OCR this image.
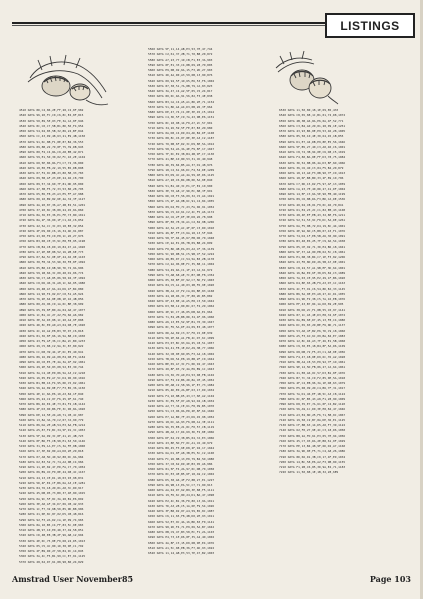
LISTINGS
4510 DATA 8D,C4,86,2E,FF,28,C2,8F,982
4520 DATA 96,20,FC,C0,C6,8C,E4,8F,815
4530 DATA 50,89,5E,03,FE,3A,CA,8F,946
4540 DATA 8C,C0,C7,5B,B1,8D,50,F4,954
4550 DATA 54,04,85,5B,32,86,24,BF,844
4560 DATA CC,43,D9,48,63,21,E9,4B,1150
4570 DATA 91,6C,8B,F1,8E,87,B4,36,553
4580 DATA 89,8B,22,79,8F,75,39,DB,945
4590 DATA 80,F4,C4,8A,C0,A8,EB,42,871
4600 DATA 59,E1,50,30,02,FC,10,2E,1104
4610 DATA 60,5E,86,8A,F3,C7,72,36,800
4620 DATA 10,E0,FB,22,19,55,E6,DB,898
4630 DATA 07,F2,0C,BB,23,80,5B,33,783
4640 DATA 09,5B,AF,23,DE,24,46,C8,790
4650 DATA 89,57,34,60,7F,81,DD,95,800
4660 DATA 47,3B,F5,72,33,53,80,28,795
4670 DATA 65,E6,F8,23,A3,E5,FF,A7,988
4680 DATA 00,10,B9,82,6E,4A,32,3F,1127
4690 DATA 4A,20,87,36,A7,4B,E2,51,1201
4700 DATA 37,20,8C,38,80,24,45,0A,860
4710 DATA 8A,36,E3,36,E1,FE,73,8D,1011
4720 DATA 8A,2F,36,00,1F,C1,A5,C6,852
4730 DATA 42,5A,CC,3C,03,18,E8,32,854
4740 DATA 4F,D9,00,C6,16,34,4D,91,887
4750 DATA 43,00,F0,C0,E8,1C,26,27,976
4760 DATA B3,08,CE,33,9C,E8,F8,95,1198
4770 DATA CB,B4,C8,D0,19,84,47,A1,1020
4780 DATA 47,2E,8E,88,52,16,2B,6E,773
4790 DATA 07,8A,5C,0E,6F,44,A5,9E,1103
4800 DATA 30,F8,34,53,9D,30,F8,8F,1092
4810 DATA 05,B0,10,6B,9D,7D,72,9A,996
4820 DATA 59,1B,66,3C,00,48,D1,06,774
4830 DATA 5D,C7,A8,85,86,58,94,3F,1092
4840 DATA C0,D6,46,31,A8,1C,0A,05,1080
4850 DATA 29,4B,A7,6A,44,D6,1F,B4,880
4860 DATA 14,90,F4,02,D7,C0,51,A5,924
4870 DATA 76,2E,64,8E,0B,1E,16,4B,856
4880 DATA 80,A5,96,C9,1A,0C,BE,38,909
4890 DATA 65,39,8F,B0,2A,04,A0,47,1077
4900 DATA 1C,B1,4C,27,22,F6,66,A6,982
4910 DATA 3E,3A,D3,88,1C,20,A2,9F,808
4920 DATA 4D,8C,E0,A0,A3,04,D8,7E,1020
4930 DATA 2C,16,A2,E8,B3,7E,07,C6,818
4940 DATA 81,36,8F,66,16,5A,88,C0,1030
4950 DATA 43,F9,AF,36,CC,BA,2C,B0,1233
4960 DATA 29,C5,88,C2,9A,3C,87,80,922
4970 DATA CC,D8,39,44,1F,6C,E5,40,941
4980 DATA 86,16,D9,A4,08,E4,D8,F4,1184
4990 DATA 40,C0,E5,7E,4A,3A,4F,92,1061
5000 DATA 29,2E,50,83,08,52,E3,3D,744
5010 DATA 3A,C4,4E,E0,86,5A,A3,C2,1218
5020 DATA 16,05,E9,A7,5C,D4,96,90,1016
5030 DATA B1,EB,16,F4,95,0D,C5,02,1061
5040 DATA 56,2A,89,8E,F7,F3,E6,36,1150
5050 DATA 4E,1C,8A,E6,10,A3,84,1F,840
5060 DATA 05,24,C2,07,F6,25,9F,61,740
5070 DATA B6,46,E4,4E,73,81,F2,1B,1142
5080 DATA 4F,D3,00,B6,FE,3C,90,8A,1020
5090 DATA DE,14,5E,24,A8,71,CB,4C,987
5100 DATA 13,8A,3A,79,C2,07,7A,90,779
5110 DATA 86,DA,2E,AB,54,E3,6A,FB,1214
5120 DATA A5,87,F2,BC,34,5F,91,3C,1053
5130 DATA 5F,0A,D9,3C,8F,41,2C,4B,723
5140 DATA 0F,B6,F5,CB,98,E1,63,50,1146
5150 DATA 31,E9,1A,E7,C5,3A,FE,0B,1000
5160 DATA 27,3E,82,89,A4,D0,2E,29,818
5170 DATA 07,A8,5D,40,92,88,DC,9A,984
5180 DATA 62,83,52,7C,74,A2,0B,C4,966
5190 DATA 11,2E,82,47,ED,FA,C7,70,1052
5200 DATA 06,B9,CD,FD,8E,44,D8,4C,1167
5210 DATA 24,13,CE,D1,18,03,93,98,831
5220 DATA 5D,4F,E4,CF,B6,6A,A3,CE,1281
5230 DATA 84,76,18,2D,81,A0,3C,DD,917
5240 DATA 45,DB,D5,73,B0,37,4E,0D,1015
5250 DATA 0A,9C,5F,8C,3A,28,B1,E6,892
5260 DATA 3E,A0,AF,34,D7,06,CB,42,933
5270 DATA 1C,F7,32,6B,50,85,9D,B8,906
5280 DATA 21,0E,8C,87,02,D5,CB,48,816
5290 DATA 92,F3,2A,D2,CA,1E,09,74,965
5300 DATA 8A,10,B5,C4,FF,83,5C,0E,983
5310 DATA 2B,97,10,E0,4D,37,A9,58,851
5320 DATA CD,4B,E8,3B,2F,96,AB,12,994
5330 DATA 4E,0C,75,8E,F0,68,24,D5,1013
5340 DATA 05,C5,4C,80,1D,38,9E,C1,792
5350 DATA 2F,B9,D0,27,58,84,9C,14,845
5360 DATA 3A,4C,F5,B1,99,CC,E7,01,1125
5370 DATA 28,62,D7,61,88,98,80,24,829
5560 DATA 5F,11,14,AB,E3,53,7E,47,744
5570 DATA C2,61,37,2B,71,70,B8,20,872
5580 DATA A7,23,77,19,CB,F1,E3,3A,903
5590 DATA 0F,E1,33,C4,8B,69,28,7D,805
5600 DATA E9,0B,92,6A,15,F3,2D,27,903
5610 DATA 2D,4A,D0,A3,59,6B,13,9D,876
5620 DATA 00,94,5F,1D,65,E6,53,F6,1002
5630 DATA 87,38,51,7A,8B,79,CA,83,823
5640 DATA 3A,47,C4,A2,5F,05,C5,24,817
5650 DATA 80,0C,DA,91,56,82,F3,4E,838
5660 DATA B3,CA,C4,A5,A1,8D,2E,71,1154
5670 DATA 51,8D,A4,A4,D3,0B,26,3F,964
5680 DATA DE,47,74,C1,0E,3E,45,C5,1014
5690 DATA C4,3D,5F,C9,7A,43,9B,E6,1151
5700 DATA 8C,18,98,14,F0,A7,2C,57,901
5710 DATA 34,26,59,5F,FE,87,B3,2D,980
5720 DATA 0A,D8,C4,D9,04,AD,B4,DF,1108
5730 DATA 08,8C,C6,07,8E,3E,A3,C2,1187
5740 DATA 70,0B,6F,D2,3C,D9,8E,5A,1012
5750 DATA 58,54,2A,3A,4E,F9,8F,17,1047
5760 DATA 7F,0C,E2,38,B4,4B,9F,C7,1130
5770 DATA 41,BE,10,8D,53,31,CD,4D,948
5780 DATA 4D,39,84,B5,AA,37,D1,48,976
5790 DATA 18,C2,61,66,DC,F4,54,DE,1209
5800 DATA 83,D9,4C,A4,4A,59,4E,D6,1125
5810 DATA A7,28,C6,B4,0B,0D,5A,8E,840
5820 DATA 51,B1,40,3C,E1,CF,E2,10,900
5830 DATA 3E,70,A8,17,9D,EC,6B,3F,991
5840 DATA 6D,C8,F3,56,09,32,C5,A4,1021
5850 DATA C5,2F,A6,0B,6C,91,C4,84,1055
5860 DATA 09,D4,FD,7C,23,FA,06,91,1052
5870 DATA 96,C5,1D,61,C2,4C,F5,A6,1172
5880 DATA 22,C6,2F,DF,3E,D8,26,78,998
5890 DATA 8F,E0,78,34,A1,C2,82,9B,1206
5900 DATA 42,3A,23,AC,4F,6F,C3,DD,1010
5910 DATA 46,8F,FF,C3,6A,18,13,5F,946
5920 DATA 58,7F,04,45,67,EB,D0,70,1048
5930 DATA CE,2A,E1,06,7B,09,B8,24,899
5940 DATA F0,8D,4B,EA,03,A2,CF,36,1139
5950 DATA 5C,90,DB,51,C5,9B,CF,52,1224
5960 DATA 48,B5,D7,CC,54,5A,B3,2B,1178
5970 DATA C2,2A,96,8E,FC,35,88,11,1004
5980 DATA 54,49,DA,C1,1F,23,CA,61,972
5990 DATA 73,AB,68,AE,7C,B7,DB,F8,1354
6000 DATA 05,38,BF,07,92,C7,5D,F2,1003
6010 DATA 84,C5,A1,40,03,2B,F6,9E,1020
6020 DATA 3B,A2,47,F2,CA,66,BE,83,1168
6030 DATA 44,1B,D6,3C,7F,88,2D,B5,882
6040 DATA 6F,43,8E,14,A5,E8,C3,50,1042
6050 DATA D3,5B,12,80,BC,67,F4,29,1062
6060 DATA 2E,9C,C7,46,05,DB,0A,E1,964
6070 DATA 71,E4,2B,B8,8D,34,4F,96,1060
6080 DATA A6,13,E5,52,9F,B1,70,3D,1047
6090 DATA 8C,F6,5A,DF,24,09,E3,48,1077
6100 DATA 0D,AA,69,C3,37,F0,15,8E,939
6110 DATA 58,2E,84,A1,FB,4C,D7,6C,1099
6120 DATA E3,07,BC,93,6A,25,C8,51,1057
6130 DATA 94,41,F8,1E,D2,A9,3B,77,1066
6140 DATA 32,CB,0E,6D,85,F3,A4,18,1002
6150 DATA 7B,D6,54,E8,19,8B,2F,C0,1044
6160 DATA BE,65,A7,3C,F1,0D,92,47,1043
6170 DATA 20,8F,D3,72,4A,E6,B9,1C,1043
6180 DATA C9,36,7D,A0,E4,53,08,FB,1102
6190 DATA 67,F2,19,B6,2D,8A,CE,45,1052
6200 DATA 0E,AB,C2,58,96,1F,E7,73,1084
6210 DATA 85,4D,E0,2A,BF,63,17,D9,1034
6220 DATA F4,10,8B,D5,43,C7,6E,A2,1104
6230 DATA 3C,E9,5F,07,A8,92,D4,1B,1034
6240 DATA A2,77,34,CE,61,F8,09,B5,1070
6250 DATA 51,C3,96,0A,ED,2E,8F,64,1046
6260 DATA E7,1A,B0,7F,23,D6,45,98,1052
6270 DATA 18,DC,4A,93,F6,6B,A1,3E,1111
6280 DATA 96,35,E8,21,8C,F0,57,CB,1119
6290 DATA 4B,A0,17,D4,69,3D,F2,8E,1066
6300 DATA DF,62,C9,38,B5,04,7A,E3,1066
6310 DATA 23,8E,5D,F7,0C,A1,C6,49,979
6320 DATA B0,45,F3,6E,D8,2F,94,17,1044
6330 DATA 6A,D1,0F,A8,3B,E5,5C,C2,1100
6340 DATA FC,26,8B,13,E0,79,B4,5D,1080
6350 DATA 37,C8,62,D9,4E,B3,05,A6,986
6360 DATA 81,5F,F4,2A,97,0C,DB,70,1058
6370 DATA 0C,E3,4E,B5,6F,18,A9,C2,1002
6380 DATA D5,38,A6,4F,F2,8B,27,E1,1227
6390 DATA 46,9B,13,EA,5C,C7,71,0D,913
6400 DATA AA,04,D7,62,B9,3E,88,F5,1111
6410 DATA 19,F6,6C,8D,24,D1,BA,47,1098
6420 DATA E2,4C,B1,36,FD,80,13,9A,1011
6430 DATA 7D,A3,28,C5,1A,6E,F9,54,1026
6440 DATA 3F,B8,D2,07,A4,59,E6,8C,1087
6450 DATA C6,11,65,F8,4B,D0,2E,93,1011
6460 DATA 52,E7,9C,4A,16,BD,83,F0,1141
6470 DATA 98,2D,F4,71,E9,06,5A,B7,1042
6480 DATA 0B,C9,47,B3,58,EC,F1,2A,1103
6490 DATA E4,73,1E,D6,8F,35,A2,4D,1002
6500 DATA 2A,8F,C3,15,D0,6B,9E,E4,1076
6510 DATA A1,5C,08,EB,36,F7,4D,93,1022
6520 DATA 11,14,AB,E3,53,7E,47,B2,1003
6530 DATA 11,50,80,18,1E,69,85,433
6540 DATA C8,65,88,1C,B1,01,72,D8,1072
6550 DATA 4B,3B,A6,8A,E6,0A,4F,52,771
6560 DATA C3,B4,A0,29,81,28,09,1E,1251
6570 DATA 43,93,B6,8E,E9,53,46,28,1005
6580 DATA 85,58,10,4E,30,64,45,1B,855
6590 DATA D1,E7,44,DB,E9,8E,E5,56,1046
6600 DATA 5F,B5,27,40,C3,A0,40,C6,1001
6610 DATA C8,72,3B,94,0E,C6,D8,C5,1019
6620 DATA F4,80,BA,8E,FF,D3,78,75,1084
6630 DATA 3D,52,8B,86,4A,D3,BF,6D,1066
6640 DATA 36,C6,40,C3,84,F5,B4,20,879
6650 DATA 18,13,A0,F3,8B,90,7F,CD,1013
6660 DATA 18,6F,B8,BD,33,2F,89,10,796
6670 DATA C7,0D,15,D2,F5,97,AF,13,1059
6680 DATA CA,23,7E,40,8D,27,41,DF,1004
6690 DATA 14,EF,C3,6A,5E,90,FB,4D,1199
6700 DATA 89,C6,8B,DA,F3,BD,CA,DE,1536
6710 DATA 40,04,CB,01,F9,0C,46,70,841
6720 DATA 61,E4,23,2C,C1,82,EB,43,1108
6730 DATA 28,4E,EF,EB,43,32,8E,F6,1211
6740 DATA 52,51,53,9C,F0,DC,5A,DE,1261
6750 DATA 6A,F5,0B,72,D4,19,8C,44,1001
6760 DATA 2E,9A,6D,C5,B8,07,43,F1,1076
6770 DATA 74,D2,1F,E8,5B,A6,30,9D,1091
6780 DATA B3,48,E6,25,7F,C9,0A,54,1038
6790 DATA 05,CE,92,71,3D,E4,B6,18,1041
6800 DATA 9F,37,A4,0D,EB,62,5C,C8,1061
6810 DATA E1,6B,38,B4,C7,1E,F3,82,1206
6820 DATA 43,F0,8D,D9,26,5B,A7,0E,1001
6830 DATA C8,24,57,A1,9B,EF,3D,64,1001
6840 DATA 16,BA,E0,6F,38,D5,82,C3,1089
6850 DATA 7A,03,CE,95,E2,49,1F,B6,1020
6860 DATA D4,8E,65,2B,F9,A3,D7,1C,1163
6870 DATA 2C,F7,91,C6,54,8D,EA,33,1145
6880 DATA B6,5A,0E,E3,A8,27,4C,D1,1055
6890 DATA 61,9D,F2,38,C5,7A,16,EB,1076
6900 DATA EF,43,B7,84,1A,D0,69,2E,995
6910 DATA 38,D6,2C,F1,8B,55,C0,97,1141
6920 DATA 87,1C,A5,4E,D3,E8,32,6F,1072
6930 DATA 0A,B9,6E,D7,45,13,F8,C4,1080
6940 DATA DC,65,83,29,BE,F6,0D,71,1137
6950 DATA 53,A0,4F,B2,E6,7D,C9,18,1060
6960 DATA A5,F3,1D,6C,09,BA,84,E7,1083
6970 DATA 12,8C,D4,A3,7F,46,E1,5B,1068
6980 DATA C9,30,E5,18,B4,8F,5A,D6,1109
6990 DATA 68,DB,72,F5,23,C1,A8,0E,1056
7000 DATA F4,47,1B,8E,D9,6C,35,A2,1028
7010 DATA 3B,A4,C8,53,E0,92,7F,1D,1061
7020 DATA 9E,12,5D,FB,86,27,CA,64,1061
7030 DATA 21,E8,A6,0C,57,D3,B1,8F,1076
7040 DATA B7,7C,34,C9,F2,85,0E,5A,1018
7050 DATA 4F,C2,EB,96,3A,1E,D8,63,1079
7060 DATA E5,08,99,2D,C4,B6,7F,31,1017
7070 DATA 7A,D1,46,EF,1B,5C,A3,C8,1124
7080 DATA 0C,6F,B5,43,A8,F1,28,9D,1009
7090 DATA D8,35,E7,7A,61,0F,C4,B2,1120
7100 DATA 56,A9,1C,D0,3E,E8,84,47,1046
7110 DATA A3,E4,8D,25,F6,71,5B,0C,1067
7120 DATA 19,58,C2,B7,8A,DE,36,E1,1125
7130 DATA CF,8B,63,14,D5,A0,F7,39,1122
7140 DATA 62,F0,27,9E,4C,C3,18,D6,1058
7150 DATA B8,2A,FD,61,E3,05,7E,94,1056
7160 DATA 45,C7,93,DA,2E,B8,61,0F,1029
7170 DATA EE,13,B4,48,9F,6D,D2,A7,1160
7180 DATA 3A,9D,0E,F5,71,C4,A8,26,1086
7190 DATA 8D,66,D1,3B,C0,17,4F,E9,1034
7200 DATA 14,BC,58,E6,A2,F3,9B,0D,1155
7210 DATA F1,2B,C6,85,3D,9A,E4,71,1183
7220 DATA 11,50,88,1E,1B,32,28,6E9
Amstrad User November85	Page 103
